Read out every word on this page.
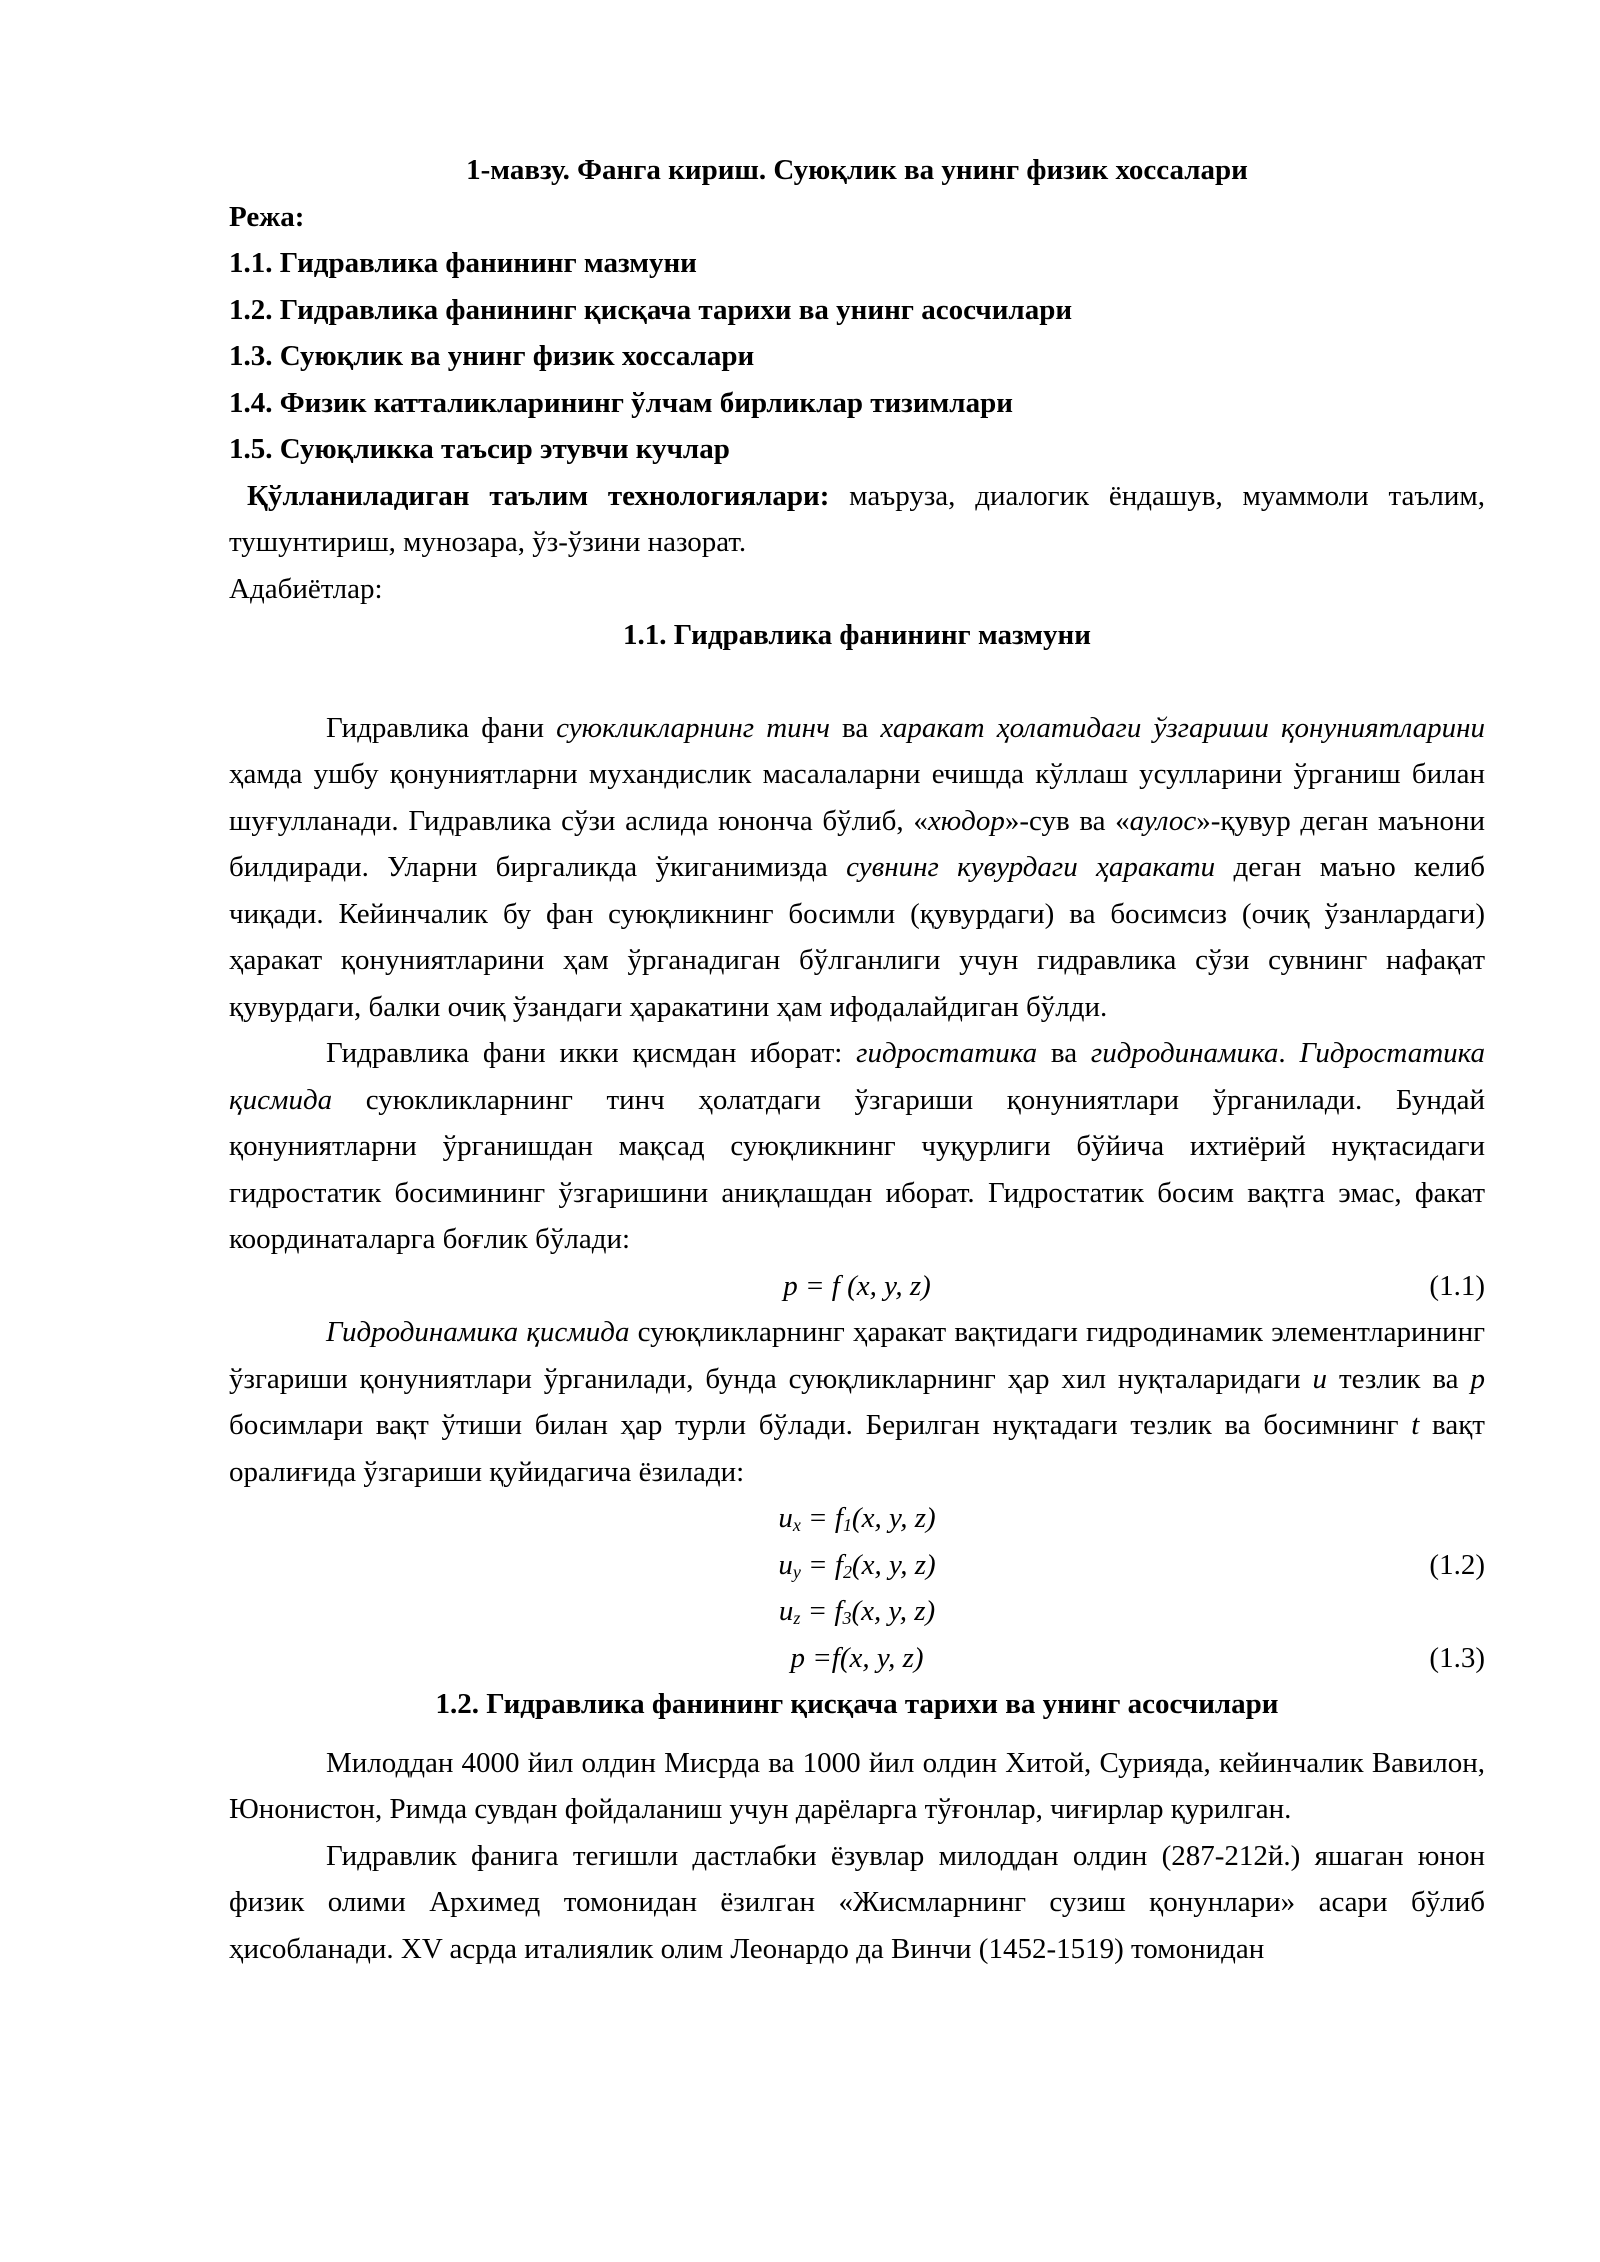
1-мавзу. Фанга кириш. Суюқлик ва унинг физик хоссалари

Режа:

1.1. Гидравлика фанининг мазмуни

1.2. Гидравлика фанининг қисқача тарихи ва унинг асосчилари

1.3. Суюқлик ва унинг физик хоссалари

1.4. Физик катталикларининг ўлчам бирликлар тизимлари

1.5. Суюқликка таъсир этувчи кучлар

Қўлланиладиган таълим технологиялари: маъруза, диалогик ёндашув, муаммоли таълим, тушунтириш, мунозара, ўз-ўзини назорат.

Адабиётлар:

1.1. Гидравлика фанининг мазмуни

Гидравлика фани суюкликларнинг тинч ва харакат ҳолатидаги ўзгариши қонуниятларини ҳамда ушбу қонуниятларни мухандислик масалаларни ечишда кўллаш усулларини ўрганиш билан шуғулланади. Гидравлика сўзи аслида юнонча бўлиб, «хюдор»-сув ва «аулос»-қувур деган маънони билдиради. Уларни биргаликда ўкиганимизда сувнинг кувурдаги ҳаракати деган маъно келиб чиқади. Кейинчалик бу фан суюқликнинг босимли (қувурдаги) ва босимсиз (очиқ ўзанлардаги) ҳаракат қонуниятларини ҳам ўрганадиган бўлганлиги учун гидравлика сўзи сувнинг нафақат қувурдаги, балки очиқ ўзандаги ҳаракатини ҳам ифодалайдиган бўлди.

Гидравлика фани икки қисмдан иборат: гидростатика ва гидродинамика. Гидростатика қисмида суюкликларнинг тинч ҳолатдаги ўзгариши қонуниятлари ўрганилади. Бундай қонуниятларни ўрганишдан мақсад суюқликнинг чуқурлиги бўйича ихтиёрий нуқтасидаги гидростатик босимининг ўзгаришини аниқлашдан иборат. Гидростатик босим вақтга эмас, факат координаталарга боғлик бўлади:

p = f (x, y, z)	(1.1)

Гидродинамика қисмида суюқликларнинг ҳаракат вақтидаги гидродинамик элементларининг ўзгариши қонуниятлари ўрганилади, бунда суюқликларнинг ҳар хил нуқталаридаги u тезлик ва p босимлари вақт ўтиши билан ҳар турли бўлади. Берилган нуқтадаги тезлик ва босимнинг t вақт оралиғида ўзгариши қуйидагича ёзилади:

$u_x = f_1(x$, y, z)
$u_y = f_2(x$, y, z)
$u_z = f_3(x$, y, z)
(1.2)
p =f(x, y, z)	(1.3)

1.2. Гидравлика фанининг қисқача тарихи ва унинг асосчилари

Милоддан 4000 йил олдин Мисрда ва 1000 йил олдин Хитой, Сурияда, кейинчалик Вавилон, Юнонистон, Римда сувдан фойдаланиш учун дарёларга тўғонлар, чиғирлар қурилган.

Гидравлик фанига тегишли дастлабки ёзувлар милоддан олдин (287-212й.) яшаган юнон физик олими Архимед томонидан ёзилган «Жисмларнинг сузиш қонунлари» асари бўлиб ҳисобланади. XV асрда италиялик олим Леонардо да Винчи (1452-1519) томонидан
